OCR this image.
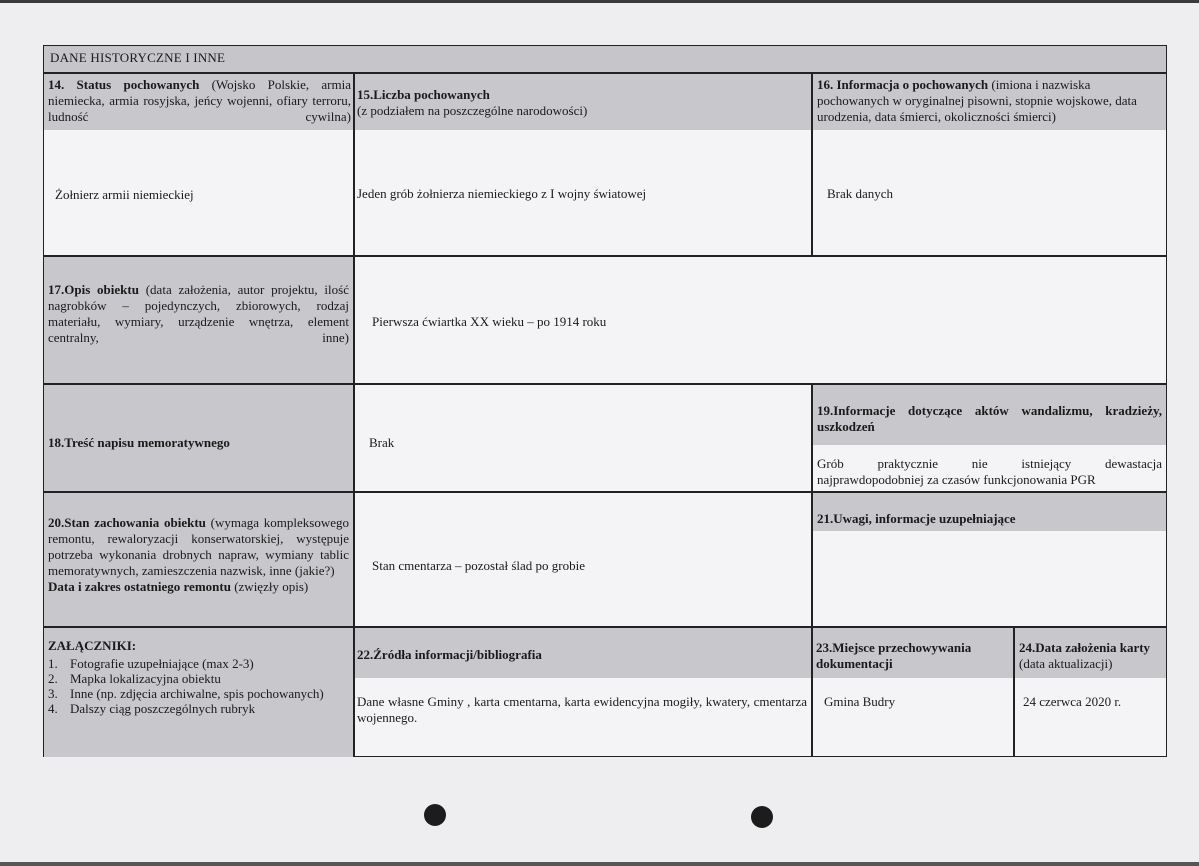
DANE HISTORYCZNE I INNE
14. Status pochowanych (Wojsko Polskie, armia niemiecka, armia rosyjska, jeńcy wojenni, ofiary terroru, ludność cywilna)
Żołnierz armii niemieckiej
15.Liczba pochowanych
(z podziałem na poszczególne narodowości)
Jeden grób żołnierza niemieckiego z I wojny światowej
16. Informacja o pochowanych (imiona i nazwiska pochowanych w oryginalnej pisowni, stopnie wojskowe, data urodzenia, data śmierci, okoliczności śmierci)
Brak danych
17.Opis obiektu (data założenia, autor projektu, ilość nagrobków – pojedynczych, zbiorowych, rodzaj materiału, wymiary, urządzenie wnętrza, element centralny, inne)
Pierwsza ćwiartka XX wieku – po 1914 roku
18.Treść napisu memoratywnego	Brak
19.Informacje dotyczące aktów wandalizmu, kradzieży, uszkodzeń
Grób praktycznie nie istniejący dewastacja
najprawdopodobniej za czasów funkcjonowania PGR
20.Stan zachowania obiektu (wymaga kompleksowego remontu, rewaloryzacji konserwatorskiej, występuje potrzeba wykonania drobnych napraw, wymiany tablic memoratywnych, zamieszczenia nazwisk, inne (jakie?)
Data i zakres ostatniego remontu (zwięzły opis)
Stan cmentarza – pozostał ślad po grobie
21.Uwagi, informacje uzupełniające
ZAŁĄCZNIKI:
1. Fotografie uzupełniające (max 2-3)
2. Mapka lokalizacyjna obiektu
3. Inne (np. zdjęcia archiwalne, spis pochowanych)
4. Dalszy ciąg poszczególnych rubryk
22.Źródła informacji/bibliografia
Dane własne Gminy , karta cmentarna, karta ewidencyjna mogiły, kwatery, cmentarza wojennego.
23.Miejsce przechowywania dokumentacji
Gmina Budry
24.Data założenia karty (data aktualizacji)
24 czerwca 2020 r.
